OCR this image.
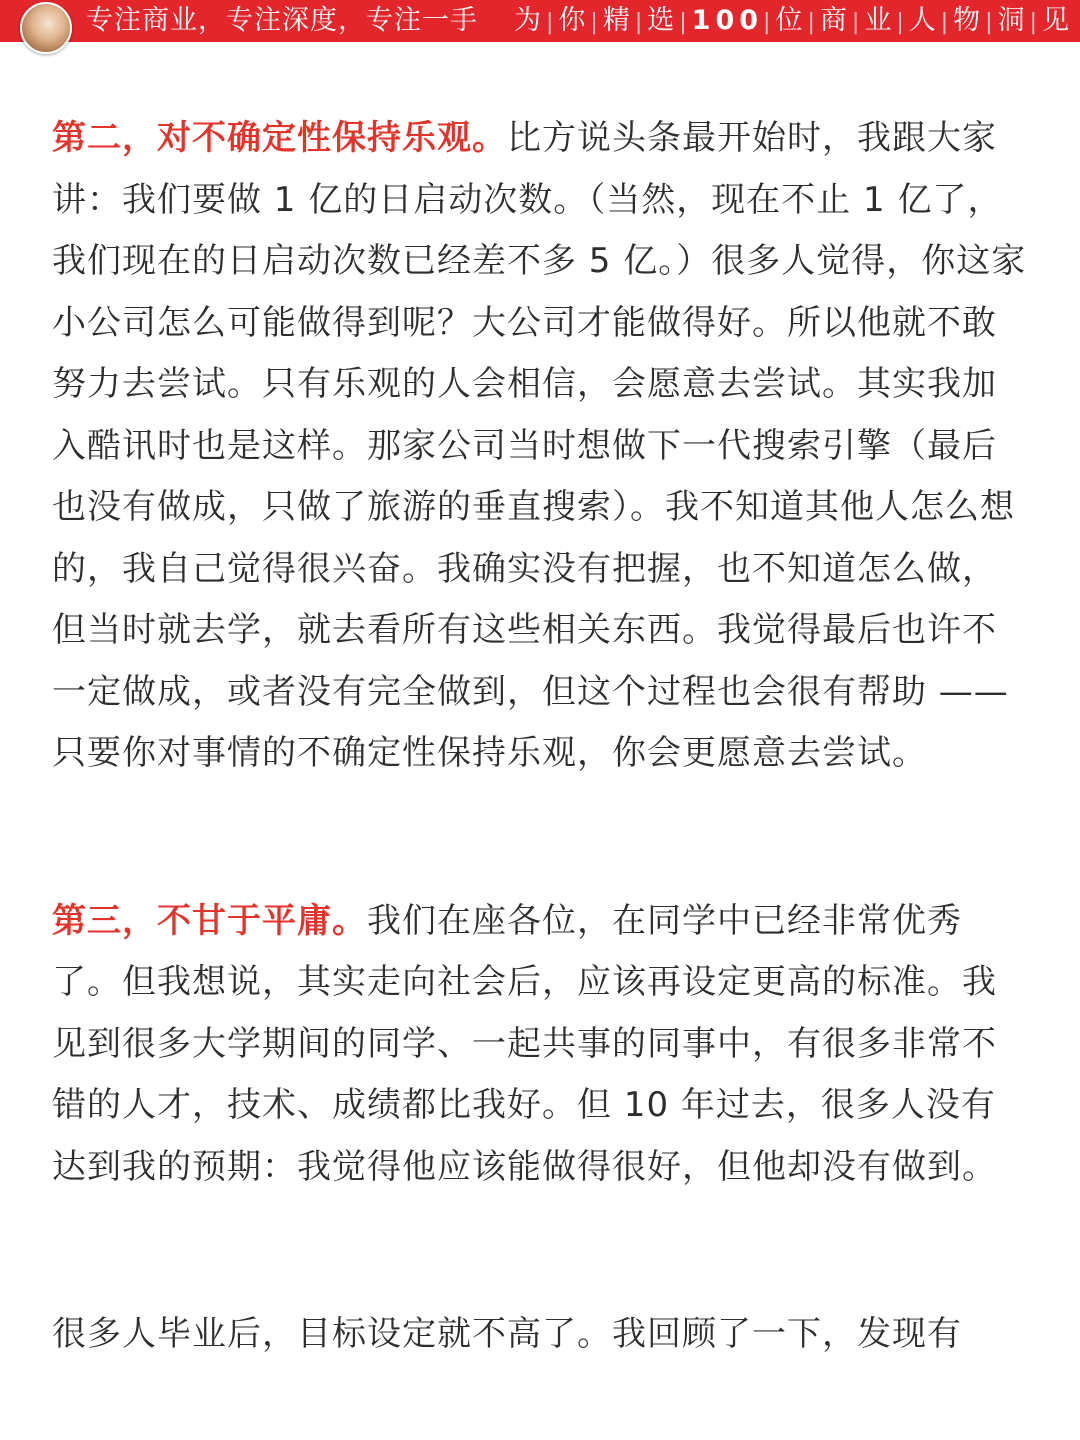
专注商业，专注深度，专注一手 为|你|精|选|100|位|商|业|人|物|洞|见

第二，对不确定性保持乐观。比方说头条最开始时，我跟大家讲：我们要做 1 亿的日启动次数。（当然，现在不止 1 亿了，我们现在的日启动次数已经差不多 5 亿。）很多人觉得，你这家小公司怎么可能做得到呢？大公司才能做得好。所以他就不敢努力去尝试。只有乐观的人会相信，会愿意去尝试。其实我加入酷讯时也是这样。那家公司当时想做下一代搜索引擎（最后也没有做成，只做了旅游的垂直搜索）。我不知道其他人怎么想的，我自己觉得很兴奋。我确实没有把握，也不知道怎么做，但当时就去学，就去看所有这些相关东西。我觉得最后也许不一定做成，或者没有完全做到，但这个过程也会很有帮助 —— 只要你对事情的不确定性保持乐观，你会更愿意去尝试。

第三，不甘于平庸。我们在座各位，在同学中已经非常优秀了。但我想说，其实走向社会后，应该再设定更高的标准。我见到很多大学期间的同学、一起共事的同事中，有很多非常不错的人才，技术、成绩都比我好。但 10 年过去，很多人没有达到我的预期：我觉得他应该能做得很好，但他却没有做到。

很多人毕业后，目标设定就不高了。我回顾了一下，发现有
